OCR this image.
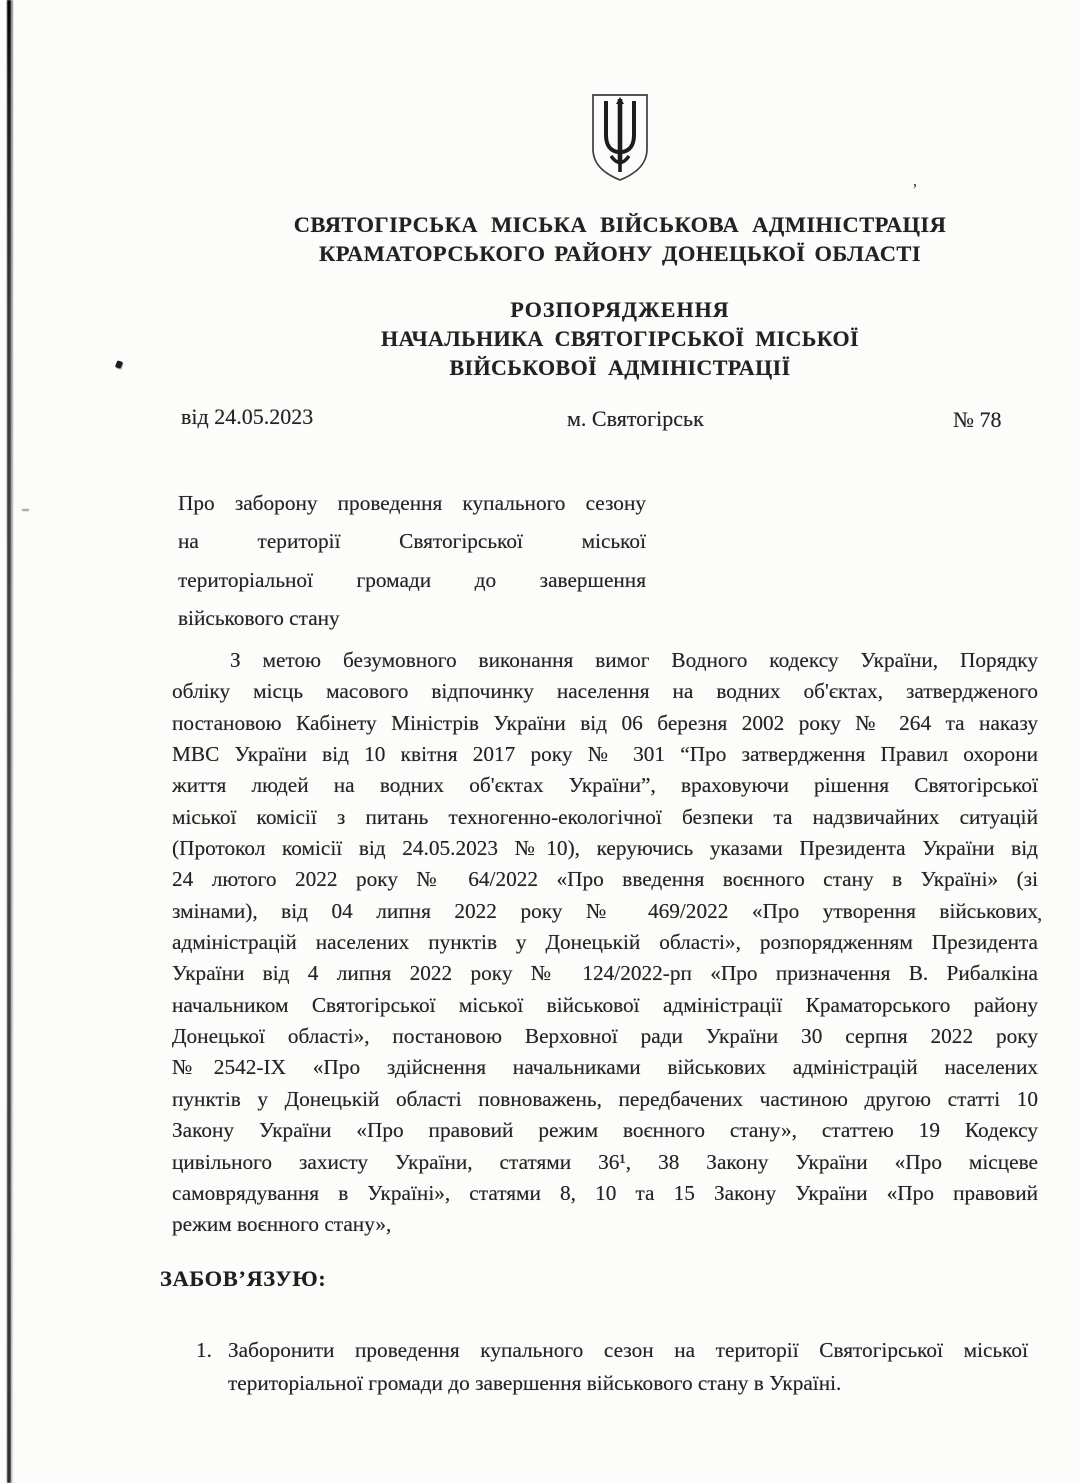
СВЯТОГІРСЬКА МІСЬКА ВІЙСЬКОВА АДМІНІСТРАЦІЯ
КРАМАТОРСЬКОГО РАЙОНУ ДОНЕЦЬКОЇ ОБЛАСТІ
РОЗПОРЯДЖЕННЯ
НАЧАЛЬНИКА СВЯТОГІРСЬКОЇ МІСЬКОЇ
ВІЙСЬКОВОЇ АДМІНІСТРАЦІЇ
від 24.05.2023	м. Святогірськ	№ 78
Про заборону проведення купального сезону
на території Святогірської міської
територіальної громади до завершення
військового стану
З метою безумовного виконання вимог Водного кодексу України, Порядку
обліку місць масового відпочинку населення на водних об'єктах, затвердженого
постановою Кабінету Міністрів України від 06 березня 2002 року № 264 та наказу
МВС України від 10 квітня 2017 року № 301 “Про затвердження Правил охорони
життя людей на водних об'єктах України”, враховуючи рішення Святогірської
міської комісії з питань техногенно-екологічної безпеки та надзвичайних ситуацій
(Протокол комісії від 24.05.2023 №10), керуючись указами Президента України від
24 лютого 2022 року № 64/2022 «Про введення воєнного стану в Україні» (зі
змінами), від 04 липня 2022 року № 469/2022 «Про утворення військових
адміністрацій населених пунктів у Донецькій області», розпорядженням Президента
України від 4 липня 2022 року № 124/2022-рп «Про призначення В. Рибалкіна
начальником Святогірської міської військової адміністрації Краматорського району
Донецької області», постановою Верховної ради України 30 серпня 2022 року
№2542-IX «Про здійснення начальниками військових адміністрацій населених
пунктів у Донецькій області повноважень, передбачених частиною другою статті 10
Закону України «Про правовий режим воєнного стану», статтею 19 Кодексу
цивільного захисту України, статями 36¹, 38 Закону України «Про місцеве
самоврядування в Україні», статями 8, 10 та 15 Закону України «Про правовий
режим воєнного стану»,
ЗАБОВ’ЯЗУЮ:
1. Заборонити проведення купального сезон на території Святогірської міської
територіальної громади до завершення військового стану в Україні.
’
,
